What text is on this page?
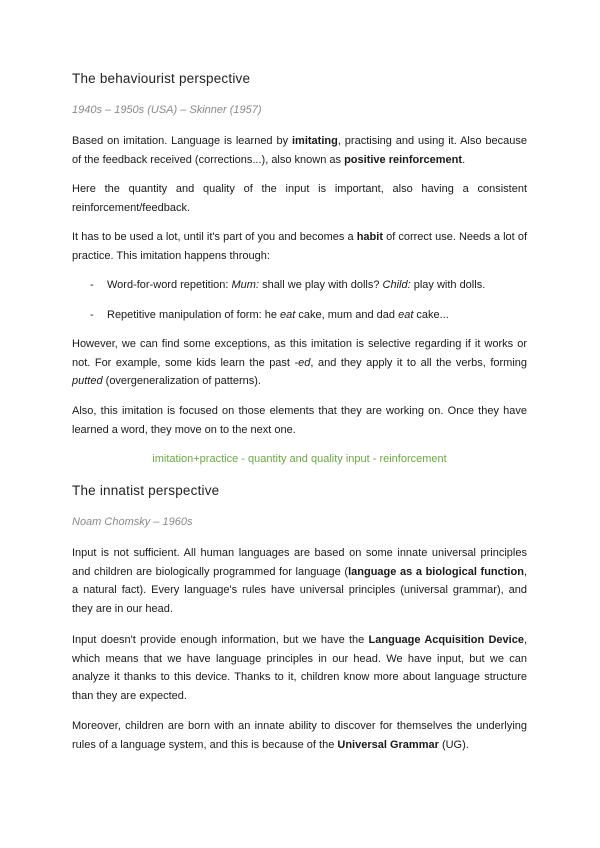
The behaviourist perspective
1940s – 1950s (USA) – Skinner (1957)

Based on imitation. Language is learned by imitating, practising and using it. Also because of the feedback received (corrections...), also known as positive reinforcement.

Here the quantity and quality of the input is important, also having a consistent reinforcement/feedback.

It has to be used a lot, until it's part of you and becomes a habit of correct use. Needs a lot of practice. This imitation happens through:

- Word-for-word repetition: Mum: shall we play with dolls? Child: play with dolls.
- Repetitive manipulation of form: he eat cake, mum and dad eat cake...

However, we can find some exceptions, as this imitation is selective regarding if it works or not. For example, some kids learn the past -ed, and they apply it to all the verbs, forming putted (overgeneralization of patterns).

Also, this imitation is focused on those elements that they are working on. Once they have learned a word, they move on to the next one.

imitation+practice - quantity and quality input - reinforcement
The innatist perspective
Noam Chomsky – 1960s

Input is not sufficient. All human languages are based on some innate universal principles and children are biologically programmed for language (language as a biological function, a natural fact). Every language's rules have universal principles (universal grammar), and they are in our head.

Input doesn't provide enough information, but we have the Language Acquisition Device, which means that we have language principles in our head. We have input, but we can analyze it thanks to this device. Thanks to it, children know more about language structure than they are expected.

Moreover, children are born with an innate ability to discover for themselves the underlying rules of a language system, and this is because of the Universal Grammar (UG).
